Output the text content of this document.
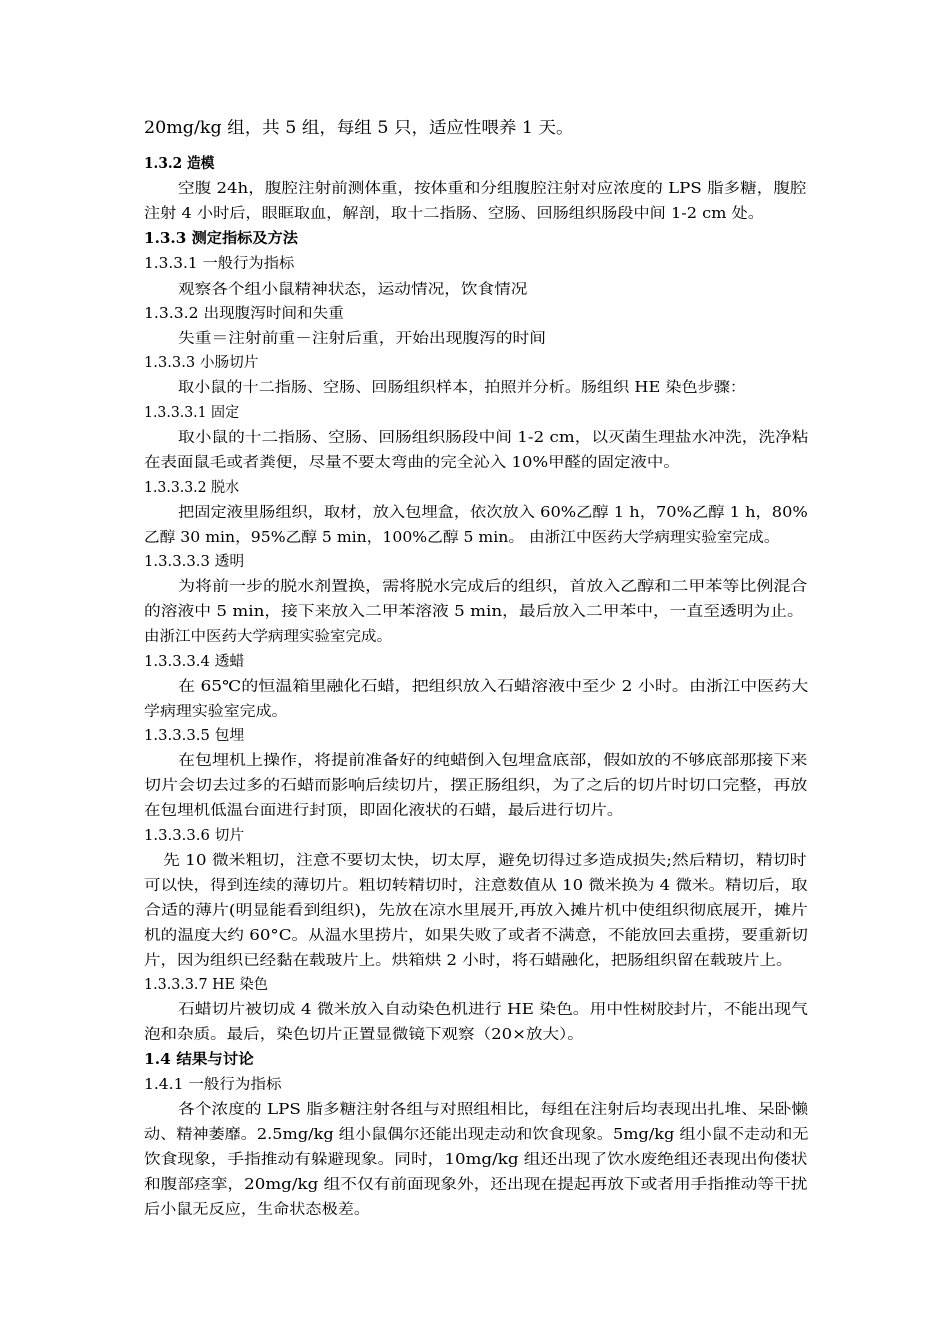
20mg/kg 组，共 5 组，每组 5 只，适应性喂养 1 天。
1.3.2 造模
空腹 24h，腹腔注射前测体重，按体重和分组腹腔注射对应浓度的 LPS 脂多糖，腹腔
注射 4 小时后，眼眶取血，解剖，取十二指肠、空肠、回肠组织肠段中间 1-2 cm 处。
1.3.3 测定指标及方法
1.3.3.1 一般行为指标
观察各个组小鼠精神状态，运动情况，饮食情况
1.3.3.2 出现腹泻时间和失重
失重＝注射前重－注射后重，开始出现腹泻的时间
1.3.3.3 小肠切片
取小鼠的十二指肠、空肠、回肠组织样本，拍照并分析。肠组织 HE 染色步骤：
1.3.3.3.1 固定
取小鼠的十二指肠、空肠、回肠组织肠段中间 1-2 cm，以灭菌生理盐水冲洗，洗净粘
在表面鼠毛或者粪便，尽量不要太弯曲的完全沁入 10%甲醛的固定液中。
1.3.3.3.2 脱水
把固定液里肠组织，取材，放入包埋盒，依次放入 60%乙醇 1 h，70%乙醇 1 h，80%
乙醇 30 min，95%乙醇 5 min，100%乙醇 5 min。 由浙江中医药大学病理实验室完成。
1.3.3.3.3 透明
为将前一步的脱水剂置换，需将脱水完成后的组织，首放入乙醇和二甲苯等比例混合
的溶液中 5 min，接下来放入二甲苯溶液 5 min，最后放入二甲苯中，一直至透明为止。
由浙江中医药大学病理实验室完成。
1.3.3.3.4 透蜡
在 65℃的恒温箱里融化石蜡，把组织放入石蜡溶液中至少 2 小时。由浙江中医药大
学病理实验室完成。
1.3.3.3.5 包埋
在包埋机上操作，将提前准备好的纯蜡倒入包埋盒底部，假如放的不够底部那接下来
切片会切去过多的石蜡而影响后续切片，摆正肠组织，为了之后的切片时切口完整，再放
在包埋机低温台面进行封顶，即固化液状的石蜡，最后进行切片。
1.3.3.3.6 切片
先 10 微米粗切，注意不要切太快，切太厚，避免切得过多造成损失;然后精切，精切时
可以快，得到连续的薄切片。粗切转精切时，注意数值从 10 微米换为 4 微米。精切后，取
合适的薄片(明显能看到组织)，先放在凉水里展开,再放入摊片机中使组织彻底展开，摊片
机的温度大约 60°C。从温水里捞片，如果失败了或者不满意，不能放回去重捞，要重新切
片，因为组织已经黏在载玻片上。烘箱烘 2 小时，将石蜡融化，把肠组织留在载玻片上。
1.3.3.3.7 HE 染色
石蜡切片被切成 4 微米放入自动染色机进行 HE 染色。用中性树胶封片，不能出现气
泡和杂质。最后，染色切片正置显微镜下观察（20×放大）。
1.4 结果与讨论
1.4.1 一般行为指标
各个浓度的 LPS 脂多糖注射各组与对照组相比，每组在注射后均表现出扎堆、呆卧懒
动、精神萎靡。2.5mg/kg 组小鼠偶尔还能出现走动和饮食现象。5mg/kg 组小鼠不走动和无
饮食现象，手指推动有躲避现象。同时，10mg/kg 组还出现了饮水废绝组还表现出佝偻状
和腹部痉挛，20mg/kg 组不仅有前面现象外，还出现在提起再放下或者用手指推动等干扰
后小鼠无反应，生命状态极差。
